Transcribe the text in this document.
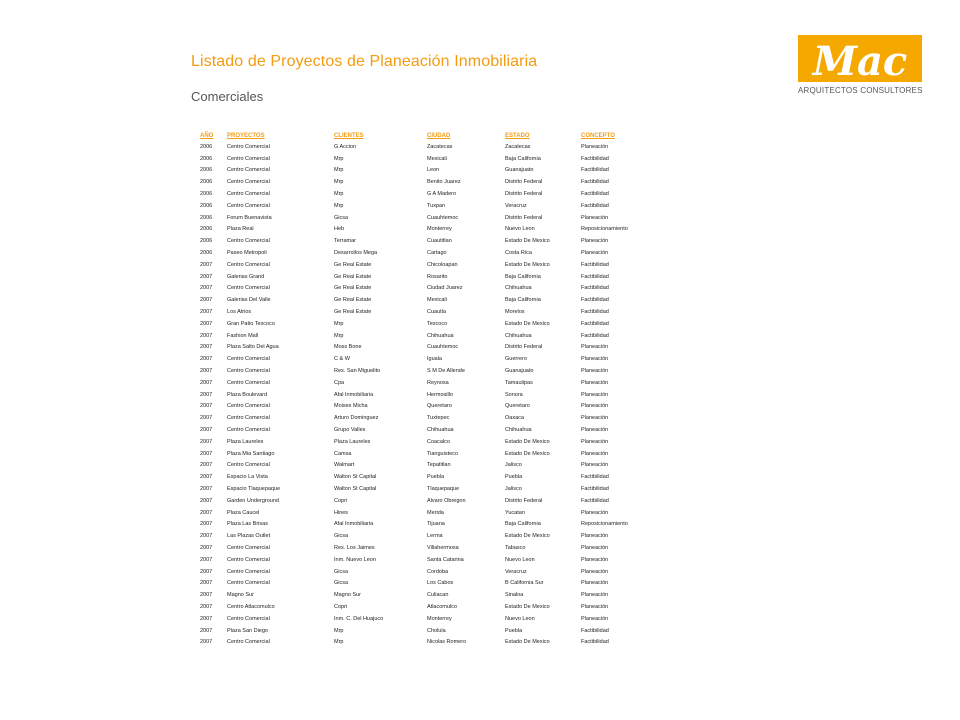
Listado de Proyectos de Planeación Inmobiliaria
Comerciales
Mac
ARQUITECTOS CONSULTORES
AÑO	PROYECTOS	CLIENTES	CIUDAD	ESTADO	CONCEPTO
2006	Centro Comercial	G Accion	Zacatecas	Zacatecas	Planeación
2006	Centro Comercial	Mrp	Mexicali	Baja California	Factibilidad
2006	Centro Comercial	Mrp	Leon	Guanajuato	Factibilidad
2006	Centro Comercial	Mrp	Benito Juarez	Distrito Federal	Factibilidad
2006	Centro Comercial	Mrp	G A Madero	Distrito Federal	Factibilidad
2006	Centro Comercial	Mrp	Tuxpan	Veracruz	Factibilidad
2006	Forum Buenavista	Gicsa	Cuauhtemoc	Distrito Federal	Planeación
2006	Plaza Real	Heb	Monterrey	Nuevo Leon	Reposicionamiento
2006	Centro Comercial	Terramar	Cuautitlan	Estado De Mexico	Planeación
2006	Paseo Metropoli	Desarrollos Mega	Cartago	Costa Rica	Planeación
2007	Centro Comercial	Ge Real Estate	Chicoloapan	Estado De Mexico	Factibilidad
2007	Galerias Grand	Ge Real Estate	Rosarito	Baja California	Factibilidad
2007	Centro Comercial	Ge Real Estate	Ciudad Juarez	Chihuahua	Factibilidad
2007	Galerias Del Valle	Ge Real Estate	Mexicali	Baja California	Factibilidad
2007	Los Atrios	Ge Real Estate	Cuautla	Morelos	Factibilidad
2007	Gran Patio Texcoco	Mrp	Texcoco	Estado De Mexico	Factibilidad
2007	Fashion Mall	Mrp	Chihuahua	Chihuahua	Factibilidad
2007	Plaza Salto Del Agua	Moss Bone	Cuauhtemoc	Distrito Federal	Planeación
2007	Centro Comercial	C & W	Iguala	Guerrero	Planeación
2007	Centro Comercial	Res. San Miguelito	S M De Allende	Guanajuato	Planeación
2007	Centro Comercial	Cpa	Reynosa	Tamaulipas	Planeación
2007	Plaza Boulevard	Afal Inmobiliaria	Hermosillo	Sonora	Planeación
2007	Centro Comercial	Moises Micha	Queretaro	Queretaro	Planeación
2007	Centro Comercial	Arturo Dominguez	Tuxtepec	Oaxaca	Planeación
2007	Centro Comercial	Grupo Valles	Chihuahua	Chihuahua	Planeación
2007	Plaza Laureles	Plaza Laureles	Coacalco	Estado De Mexico	Planeación
2007	Plaza Mia Santiago	Camsa	Tianguisteco	Estado De Mexico	Planeación
2007	Centro Comercial	Walmart	Tepatitlan	Jalisco	Planeación
2007	Espacio La Vista	Walton St Capital	Puebla	Puebla	Factibilidad
2007	Espacio Tlaquepaque	Walton St Capital	Tlaquepaque	Jalisco	Factibilidad
2007	Garden Underground	Copri	Alvaro Obregon	Distrito Federal	Factibilidad
2007	Plaza Caucel	Hines	Merida	Yucatan	Planeación
2007	Plaza Las Brisas	Afal Inmobiliaria	Tijuana	Baja California	Reposicionamiento
2007	Las Plazas Outlet	Gicsa	Lerma	Estado De Mexico	Planeación
2007	Centro Comercial	Res. Los Jaimes	Villahermosa	Tabasco	Planeación
2007	Centro Comercial	Inm. Nuevo Leon	Santa Catarina	Nuevo Leon	Planeación
2007	Centro Comercial	Gicsa	Cordoba	Veracruz	Planeación
2007	Centro Comercial	Gicsa	Los Cabos	B California Sur	Planeación
2007	Magno Sur	Magno Sur	Culiacan	Sinaloa	Planeación
2007	Centro Atlacomulco	Copri	Atlacomulco	Estado De Mexico	Planeación
2007	Centro Comercial	Inm. C. Del Huajuco	Monterrey	Nuevo Leon	Planeación
2007	Plaza San Diego	Mrp	Cholula	Puebla	Factibilidad
2007	Centro Comercial	Mrp	Nicolas Romero	Estado De Mexico	Factibilidad
